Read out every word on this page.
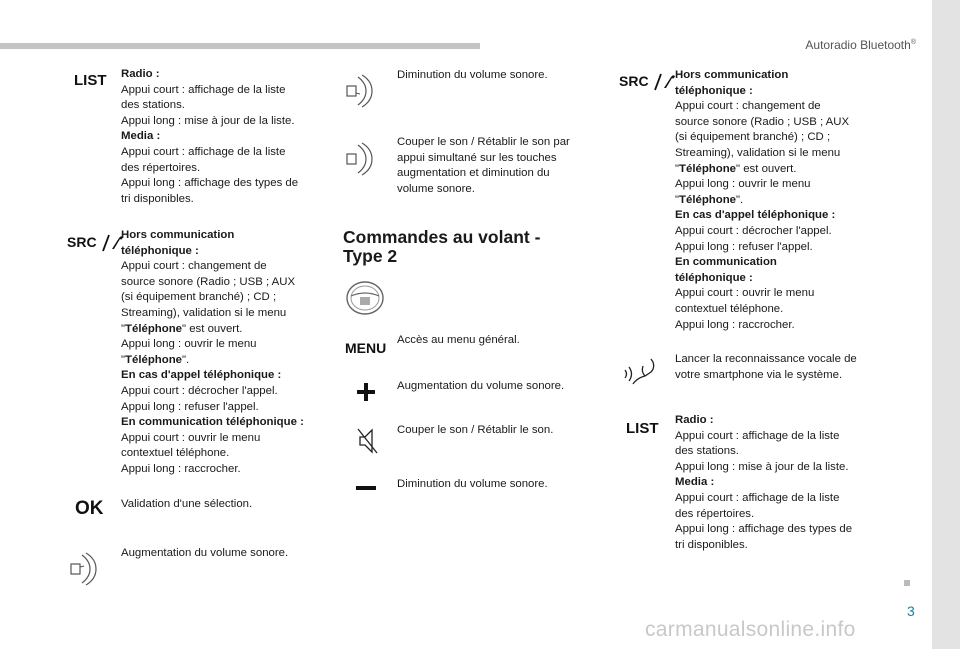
Autoradio Bluetooth®
3
carmanualsonline.info
LIST Radio :
Appui court : affichage de la liste
des stations.
Appui long : mise à jour de la liste.
Media :
Appui court : affichage de la liste
des répertoires.
Appui long : affichage des types de
tri disponibles.
SRC Hors communication
téléphonique :
Appui court : changement de
source sonore (Radio ; USB ; AUX
(si équipement branché) ; CD ;
Streaming), validation si le menu
"Téléphone" est ouvert.
Appui long : ouvrir le menu
"Téléphone".
En cas d'appel téléphonique :
Appui court : décrocher l'appel.
Appui long : refuser l'appel.
En communication téléphonique :
Appui court : ouvrir le menu
contextuel téléphone.
Appui long : raccrocher.
OK Validation d'une sélection.
Augmentation du volume sonore.
Diminution du volume sonore.
Couper le son / Rétablir le son par
appui simultané sur les touches
augmentation et diminution du
volume sonore.
Commandes au volant -
Type 2
MENU Accès au menu général.
Augmentation du volume sonore.
Couper le son / Rétablir le son.
Diminution du volume sonore.
SRC Hors communication
téléphonique :
Appui court : changement de
source sonore (Radio ; USB ; AUX
(si équipement branché) ; CD ;
Streaming), validation si le menu
"Téléphone" est ouvert.
Appui long : ouvrir le menu
"Téléphone".
En cas d'appel téléphonique :
Appui court : décrocher l'appel.
Appui long : refuser l'appel.
En communication
téléphonique :
Appui court : ouvrir le menu
contextuel téléphone.
Appui long : raccrocher.
Lancer la reconnaissance vocale de
votre smartphone via le système.
LIST Radio :
Appui court : affichage de la liste
des stations.
Appui long : mise à jour de la liste.
Media :
Appui court : affichage de la liste
des répertoires.
Appui long : affichage des types de
tri disponibles.
